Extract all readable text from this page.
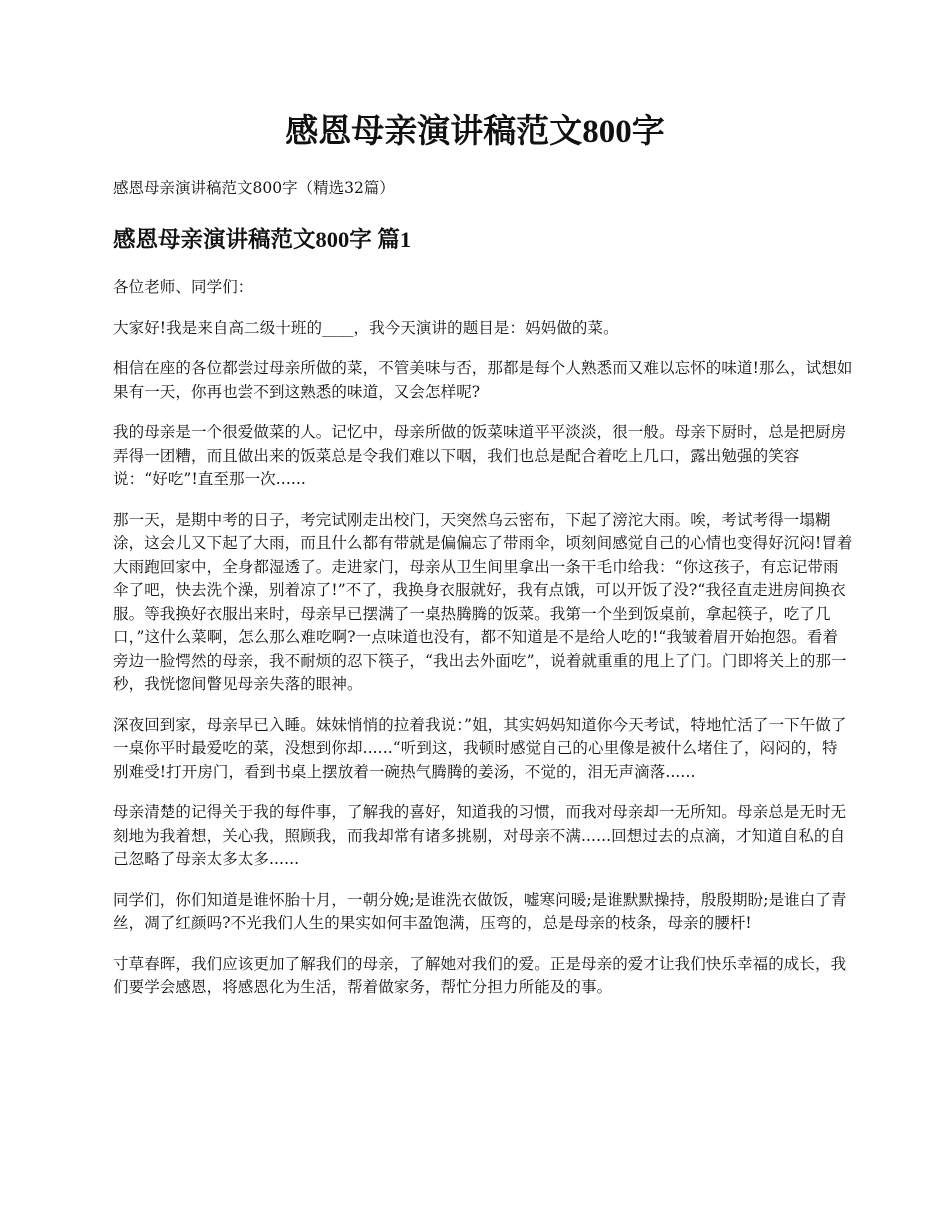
感恩母亲演讲稿范文800字

感恩母亲演讲稿范文800字（精选32篇）

感恩母亲演讲稿范文800字 篇1

各位老师、同学们：

大家好!我是来自高二级十班的____，我今天演讲的题目是：妈妈做的菜。

相信在座的各位都尝过母亲所做的菜，不管美味与否，那都是每个人熟悉而又难以忘怀的味道!那么，试想如果有一天，你再也尝不到这熟悉的味道，又会怎样呢?

我的母亲是一个很爱做菜的人。记忆中，母亲所做的饭菜味道平平淡淡，很一般。母亲下厨时，总是把厨房弄得一团糟，而且做出来的饭菜总是令我们难以下咽，我们也总是配合着吃上几口，露出勉强的笑容说：“好吃”!直至那一次......

那一天，是期中考的日子，考完试刚走出校门，天突然乌云密布，下起了滂沱大雨。唉，考试考得一塌糊涂，这会儿又下起了大雨，而且什么都有带就是偏偏忘了带雨伞，顷刻间感觉自己的心情也变得好沉闷!冒着大雨跑回家中，全身都湿透了。走进家门，母亲从卫生间里拿出一条干毛巾给我：“你这孩子，有忘记带雨伞了吧，快去洗个澡，别着凉了!”不了，我换身衣服就好，我有点饿，可以开饭了没?“我径直走进房间换衣服。等我换好衣服出来时，母亲早已摆满了一桌热腾腾的饭菜。我第一个坐到饭桌前，拿起筷子，吃了几口，”这什么菜啊，怎么那么难吃啊?一点味道也没有，都不知道是不是给人吃的!“我皱着眉开始抱怨。看着旁边一脸愕然的母亲，我不耐烦的忍下筷子，“我出去外面吃”，说着就重重的甩上了门。门即将关上的那一秒，我恍惚间瞥见母亲失落的眼神。

深夜回到家，母亲早已入睡。妹妹悄悄的拉着我说：”姐，其实妈妈知道你今天考试，特地忙活了一下午做了一桌你平时最爱吃的菜，没想到你却......“听到这，我顿时感觉自己的心里像是被什么堵住了，闷闷的，特别难受!打开房门，看到书桌上摆放着一碗热气腾腾的姜汤，不觉的，泪无声滴落......

母亲清楚的记得关于我的每件事，了解我的喜好，知道我的习惯，而我对母亲却一无所知。母亲总是无时无刻地为我着想，关心我，照顾我，而我却常有诸多挑剔，对母亲不满......回想过去的点滴，才知道自私的自己忽略了母亲太多太多......

同学们，你们知道是谁怀胎十月，一朝分娩;是谁洗衣做饭，嘘寒问暖;是谁默默操持，殷殷期盼;是谁白了青丝，凋了红颜吗?不光我们人生的果实如何丰盈饱满，压弯的，总是母亲的枝条，母亲的腰杆!

寸草春晖，我们应该更加了解我们的母亲，了解她对我们的爱。正是母亲的爱才让我们快乐幸福的成长，我们要学会感恩，将感恩化为生活，帮着做家务，帮忙分担力所能及的事。
